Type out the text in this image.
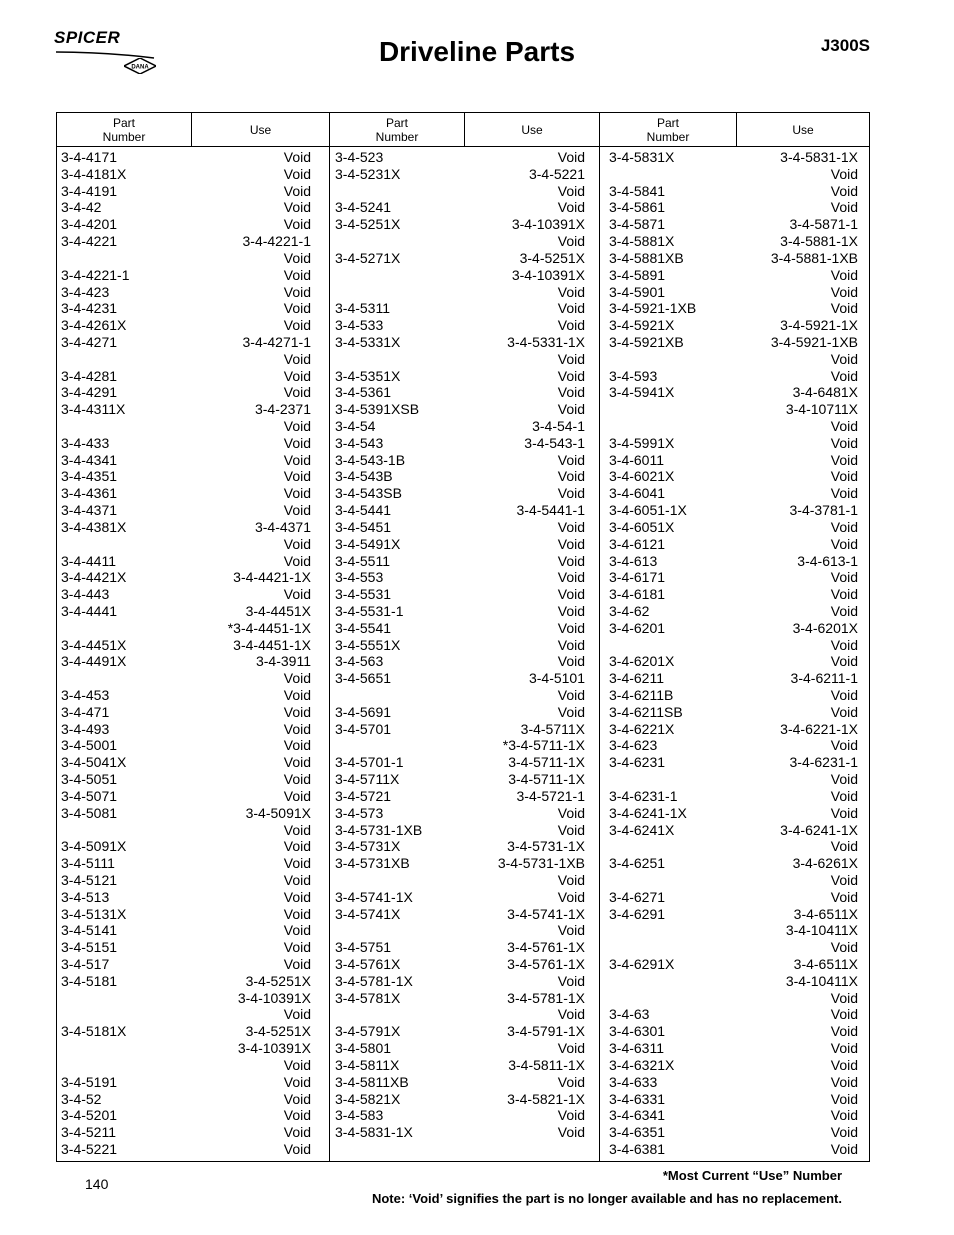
SPICER
DANA
Driveline Parts	J300S
Part
Number	Use	Part
Number	Use	Part
Number	Use
3-4-4171	Void
3-4-4181X	Void
3-4-4191	Void
3-4-42	Void
3-4-4201	Void
3-4-4221	3-4-4221-1
Void
3-4-4221-1	Void
3-4-423	Void
3-4-4231	Void
3-4-4261X	Void
3-4-4271	3-4-4271-1
Void
3-4-4281	Void
3-4-4291	Void
3-4-4311X	3-4-2371
Void
3-4-433	Void
3-4-4341	Void
3-4-4351	Void
3-4-4361	Void
3-4-4371	Void
3-4-4381X	3-4-4371
Void
3-4-4411	Void
3-4-4421X	3-4-4421-1X
3-4-443	Void
3-4-4441	3-4-4451X
*3-4-4451-1X
3-4-4451X	3-4-4451-1X
3-4-4491X	3-4-3911
Void
3-4-453	Void
3-4-471	Void
3-4-493	Void
3-4-5001	Void
3-4-5041X	Void
3-4-5051	Void
3-4-5071	Void
3-4-5081	3-4-5091X
Void
3-4-5091X	Void
3-4-5111	Void
3-4-5121	Void
3-4-513	Void
3-4-5131X	Void
3-4-5141	Void
3-4-5151	Void
3-4-517	Void
3-4-5181	3-4-5251X
3-4-10391X
Void
3-4-5181X	3-4-5251X
3-4-10391X
Void
3-4-5191	Void
3-4-52	Void
3-4-5201	Void
3-4-5211	Void
3-4-5221	Void
3-4-523	Void
3-4-5231X	3-4-5221
Void
3-4-5241	Void
3-4-5251X	3-4-10391X
Void
3-4-5271X	3-4-5251X
3-4-10391X
Void
3-4-5311	Void
3-4-533	Void
3-4-5331X	3-4-5331-1X
Void
3-4-5351X	Void
3-4-5361	Void
3-4-5391XSB	Void
3-4-54	3-4-54-1
3-4-543	3-4-543-1
3-4-543-1B	Void
3-4-543B	Void
3-4-543SB	Void
3-4-5441	3-4-5441-1
3-4-5451	Void
3-4-5491X	Void
3-4-5511	Void
3-4-553	Void
3-4-5531	Void
3-4-5531-1	Void
3-4-5541	Void
3-4-5551X	Void
3-4-563	Void
3-4-5651	3-4-5101
Void
3-4-5691	Void
3-4-5701	3-4-5711X
*3-4-5711-1X
3-4-5701-1	3-4-5711-1X
3-4-5711X	3-4-5711-1X
3-4-5721	3-4-5721-1
3-4-573	Void
3-4-5731-1XB	Void
3-4-5731X	3-4-5731-1X
3-4-5731XB	3-4-5731-1XB
Void
3-4-5741-1X	Void
3-4-5741X	3-4-5741-1X
Void
3-4-5751	3-4-5761-1X
3-4-5761X	3-4-5761-1X
3-4-5781-1X	Void
3-4-5781X	3-4-5781-1X
Void
3-4-5791X	3-4-5791-1X
3-4-5801	Void
3-4-5811X	3-4-5811-1X
3-4-5811XB	Void
3-4-5821X	3-4-5821-1X
3-4-583	Void
3-4-5831-1X	Void
3-4-5831X	3-4-5831-1X
Void
3-4-5841	Void
3-4-5861	Void
3-4-5871	3-4-5871-1
3-4-5881X	3-4-5881-1X
3-4-5881XB	3-4-5881-1XB
3-4-5891	Void
3-4-5901	Void
3-4-5921-1XB	Void
3-4-5921X	3-4-5921-1X
3-4-5921XB	3-4-5921-1XB
Void
3-4-593	Void
3-4-5941X	3-4-6481X
3-4-10711X
Void
3-4-5991X	Void
3-4-6011	Void
3-4-6021X	Void
3-4-6041	Void
3-4-6051-1X	3-4-3781-1
3-4-6051X	Void
3-4-6121	Void
3-4-613	3-4-613-1
3-4-6171	Void
3-4-6181	Void
3-4-62	Void
3-4-6201	3-4-6201X
Void
3-4-6201X	Void
3-4-6211	3-4-6211-1
3-4-6211B	Void
3-4-6211SB	Void
3-4-6221X	3-4-6221-1X
3-4-623	Void
3-4-6231	3-4-6231-1
Void
3-4-6231-1	Void
3-4-6241-1X	Void
3-4-6241X	3-4-6241-1X
Void
3-4-6251	3-4-6261X
Void
3-4-6271	Void
3-4-6291	3-4-6511X
3-4-10411X
Void
3-4-6291X	3-4-6511X
3-4-10411X
Void
3-4-63	Void
3-4-6301	Void
3-4-6311	Void
3-4-6321X	Void
3-4-633	Void
3-4-6331	Void
3-4-6341	Void
3-4-6351	Void
3-4-6381	Void
140
*Most Current “Use” Number
Note: ‘Void’ signifies the part is no longer available and has no replacement.
